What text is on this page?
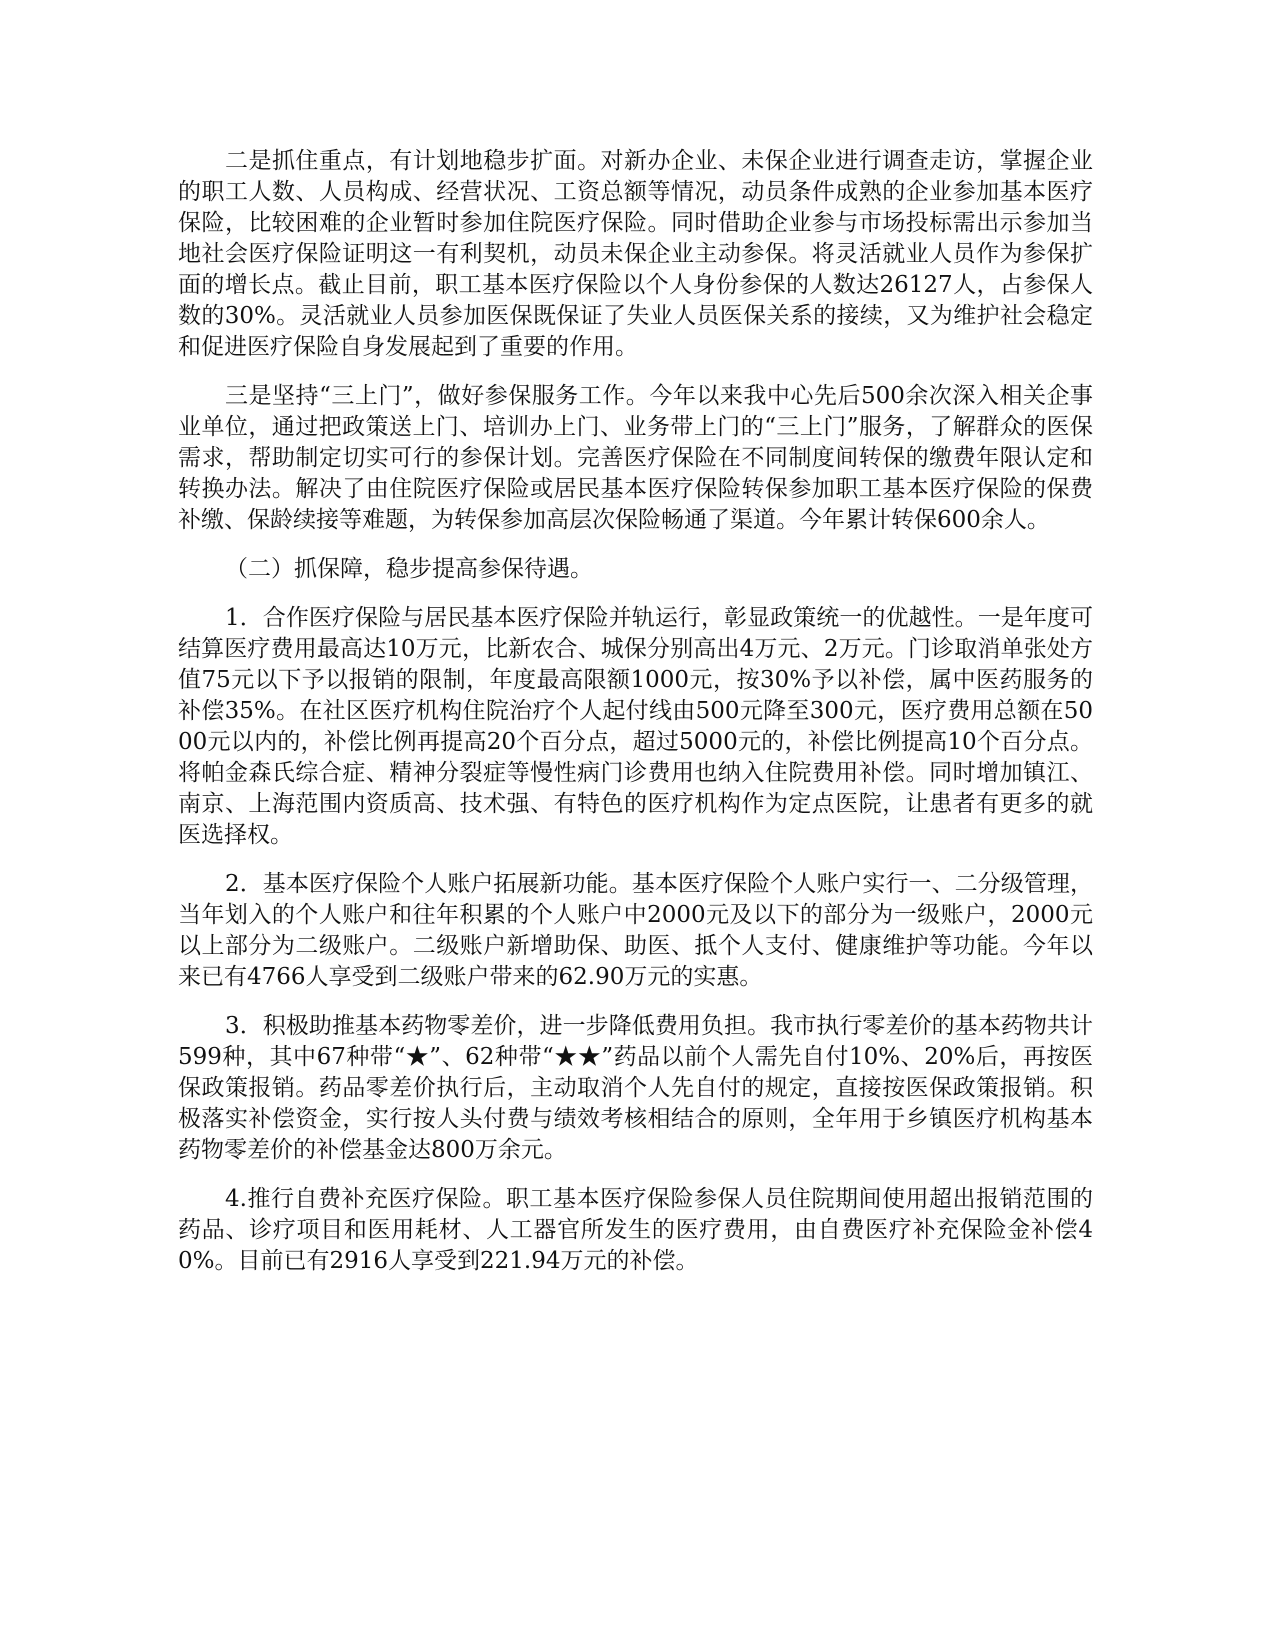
二是抓住重点，有计划地稳步扩面。对新办企业、未保企业进行调查走访，掌握企业的职工人数、人员构成、经营状况、工资总额等情况，动员条件成熟的企业参加基本医疗保险，比较困难的企业暂时参加住院医疗保险。同时借助企业参与市场投标需出示参加当地社会医疗保险证明这一有利契机，动员未保企业主动参保。将灵活就业人员作为参保扩面的增长点。截止目前，职工基本医疗保险以个人身份参保的人数达26127人，占参保人数的30%。灵活就业人员参加医保既保证了失业人员医保关系的接续，又为维护社会稳定和促进医疗保险自身发展起到了重要的作用。

三是坚持“三上门”，做好参保服务工作。今年以来我中心先后500余次深入相关企事业单位，通过把政策送上门、培训办上门、业务带上门的“三上门”服务，了解群众的医保需求，帮助制定切实可行的参保计划。完善医疗保险在不同制度间转保的缴费年限认定和转换办法。解决了由住院医疗保险或居民基本医疗保险转保参加职工基本医疗保险的保费补缴、保龄续接等难题，为转保参加高层次保险畅通了渠道。今年累计转保600余人。

（二）抓保障，稳步提高参保待遇。

1．合作医疗保险与居民基本医疗保险并轨运行，彰显政策统一的优越性。一是年度可结算医疗费用最高达10万元，比新农合、城保分别高出4万元、2万元。门诊取消单张处方值75元以下予以报销的限制，年度最高限额1000元，按30%予以补偿，属中医药服务的补偿35%。在社区医疗机构住院治疗个人起付线由500元降至300元，医疗费用总额在5000元以内的，补偿比例再提高20个百分点，超过5000元的，补偿比例提高10个百分点。将帕金森氏综合症、精神分裂症等慢性病门诊费用也纳入住院费用补偿。同时增加镇江、南京、上海范围内资质高、技术强、有特色的医疗机构作为定点医院，让患者有更多的就医选择权。

2．基本医疗保险个人账户拓展新功能。基本医疗保险个人账户实行一、二分级管理，当年划入的个人账户和往年积累的个人账户中2000元及以下的部分为一级账户，2000元以上部分为二级账户。二级账户新增助保、助医、抵个人支付、健康维护等功能。今年以来已有4766人享受到二级账户带来的62.90万元的实惠。

3．积极助推基本药物零差价，进一步降低费用负担。我市执行零差价的基本药物共计599种，其中67种带“★”、62种带“★★”药品以前个人需先自付10%、20%后，再按医保政策报销。药品零差价执行后，主动取消个人先自付的规定，直接按医保政策报销。积极落实补偿资金，实行按人头付费与绩效考核相结合的原则，全年用于乡镇医疗机构基本药物零差价的补偿基金达800万余元。

4.推行自费补充医疗保险。职工基本医疗保险参保人员住院期间使用超出报销范围的药品、诊疗项目和医用耗材、人工器官所发生的医疗费用，由自费医疗补充保险金补偿40%。目前已有2916人享受到221.94万元的补偿。
